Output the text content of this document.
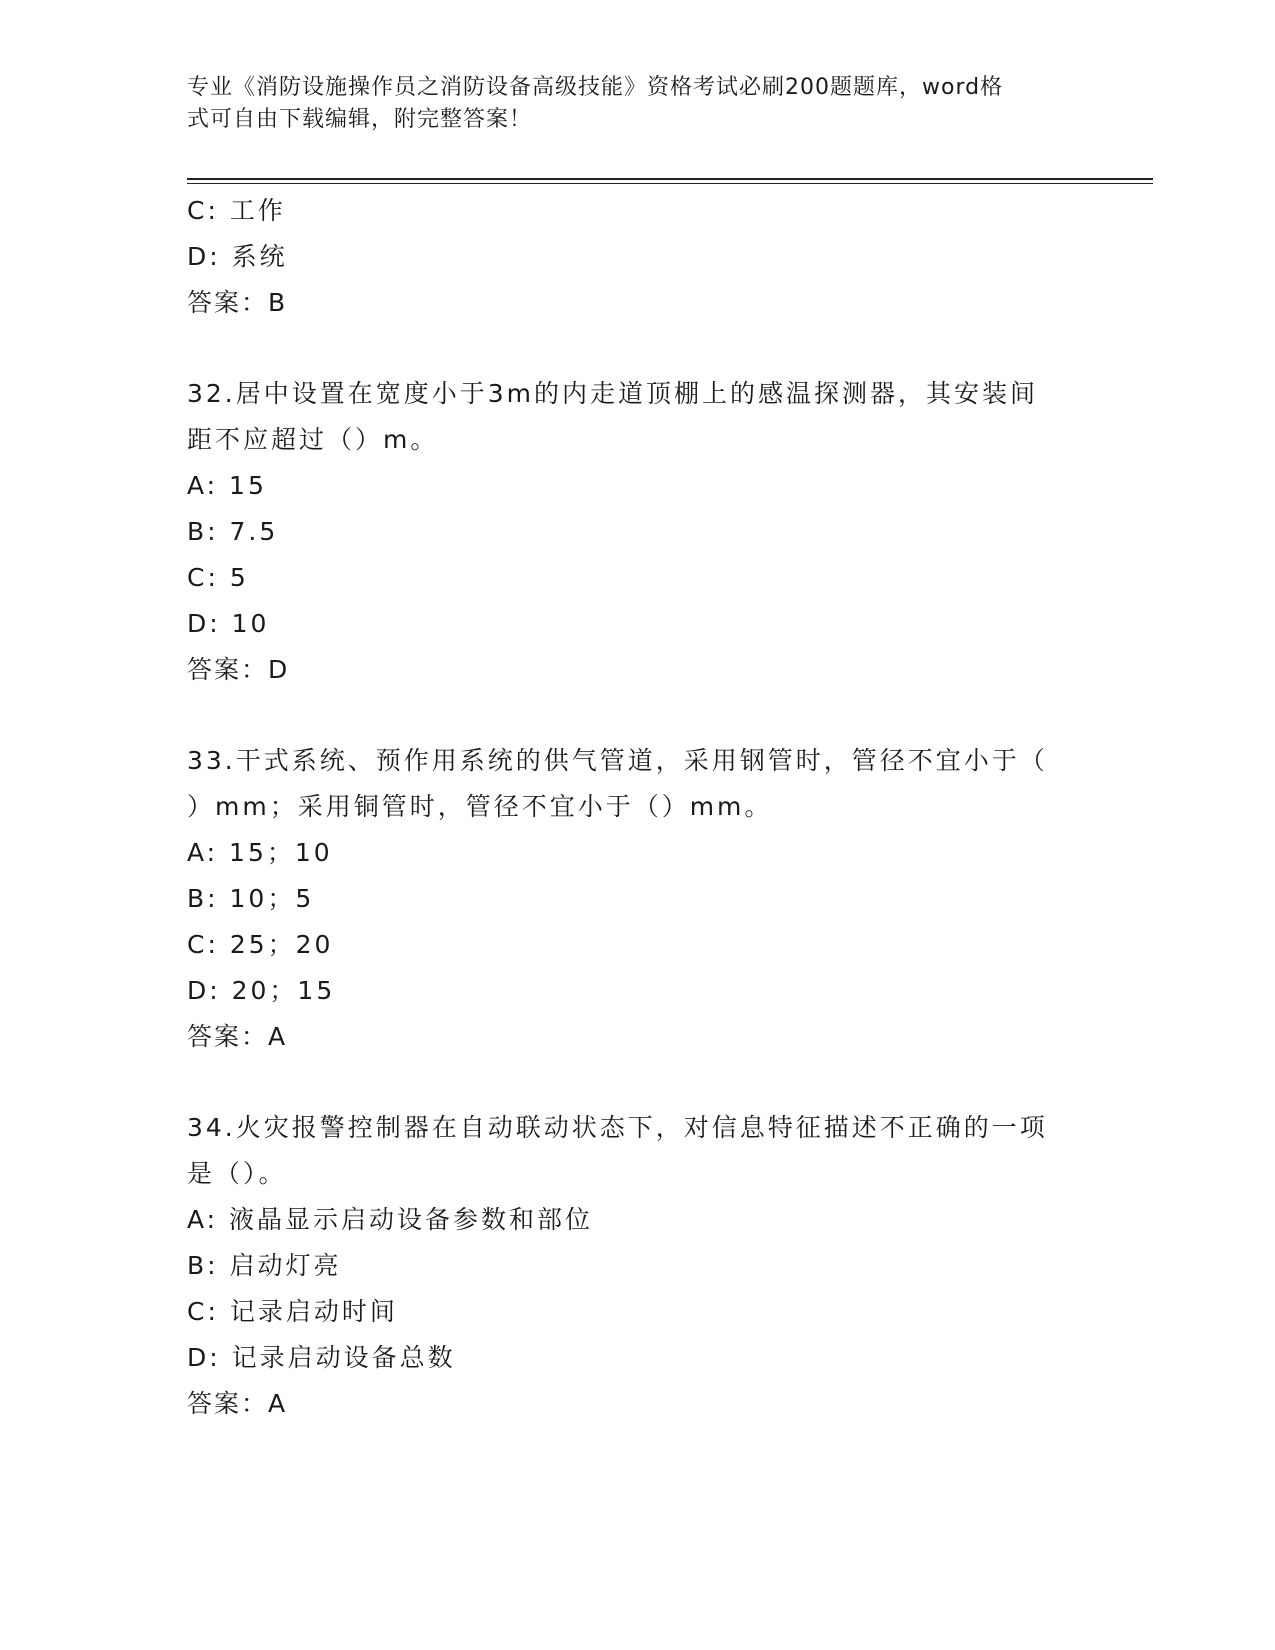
专业《消防设施操作员之消防设备高级技能》资格考试必刷200题题库，word格
式可自由下载编辑，附完整答案！
C: 工作
D: 系统
答案：B
32.居中设置在宽度小于3m的内走道顶棚上的感温探测器，其安装间
距不应超过（）m。
A: 15
B: 7.5
C: 5
D: 10
答案：D
33.干式系统、预作用系统的供气管道，采用钢管时，管径不宜小于（
）mm；采用铜管时，管径不宜小于（）mm。
A: 15；10
B: 10；5
C: 25；20
D: 20；15
答案：A
34.火灾报警控制器在自动联动状态下，对信息特征描述不正确的一项
是（）。
A: 液晶显示启动设备参数和部位
B: 启动灯亮
C: 记录启动时间
D: 记录启动设备总数
答案：A
